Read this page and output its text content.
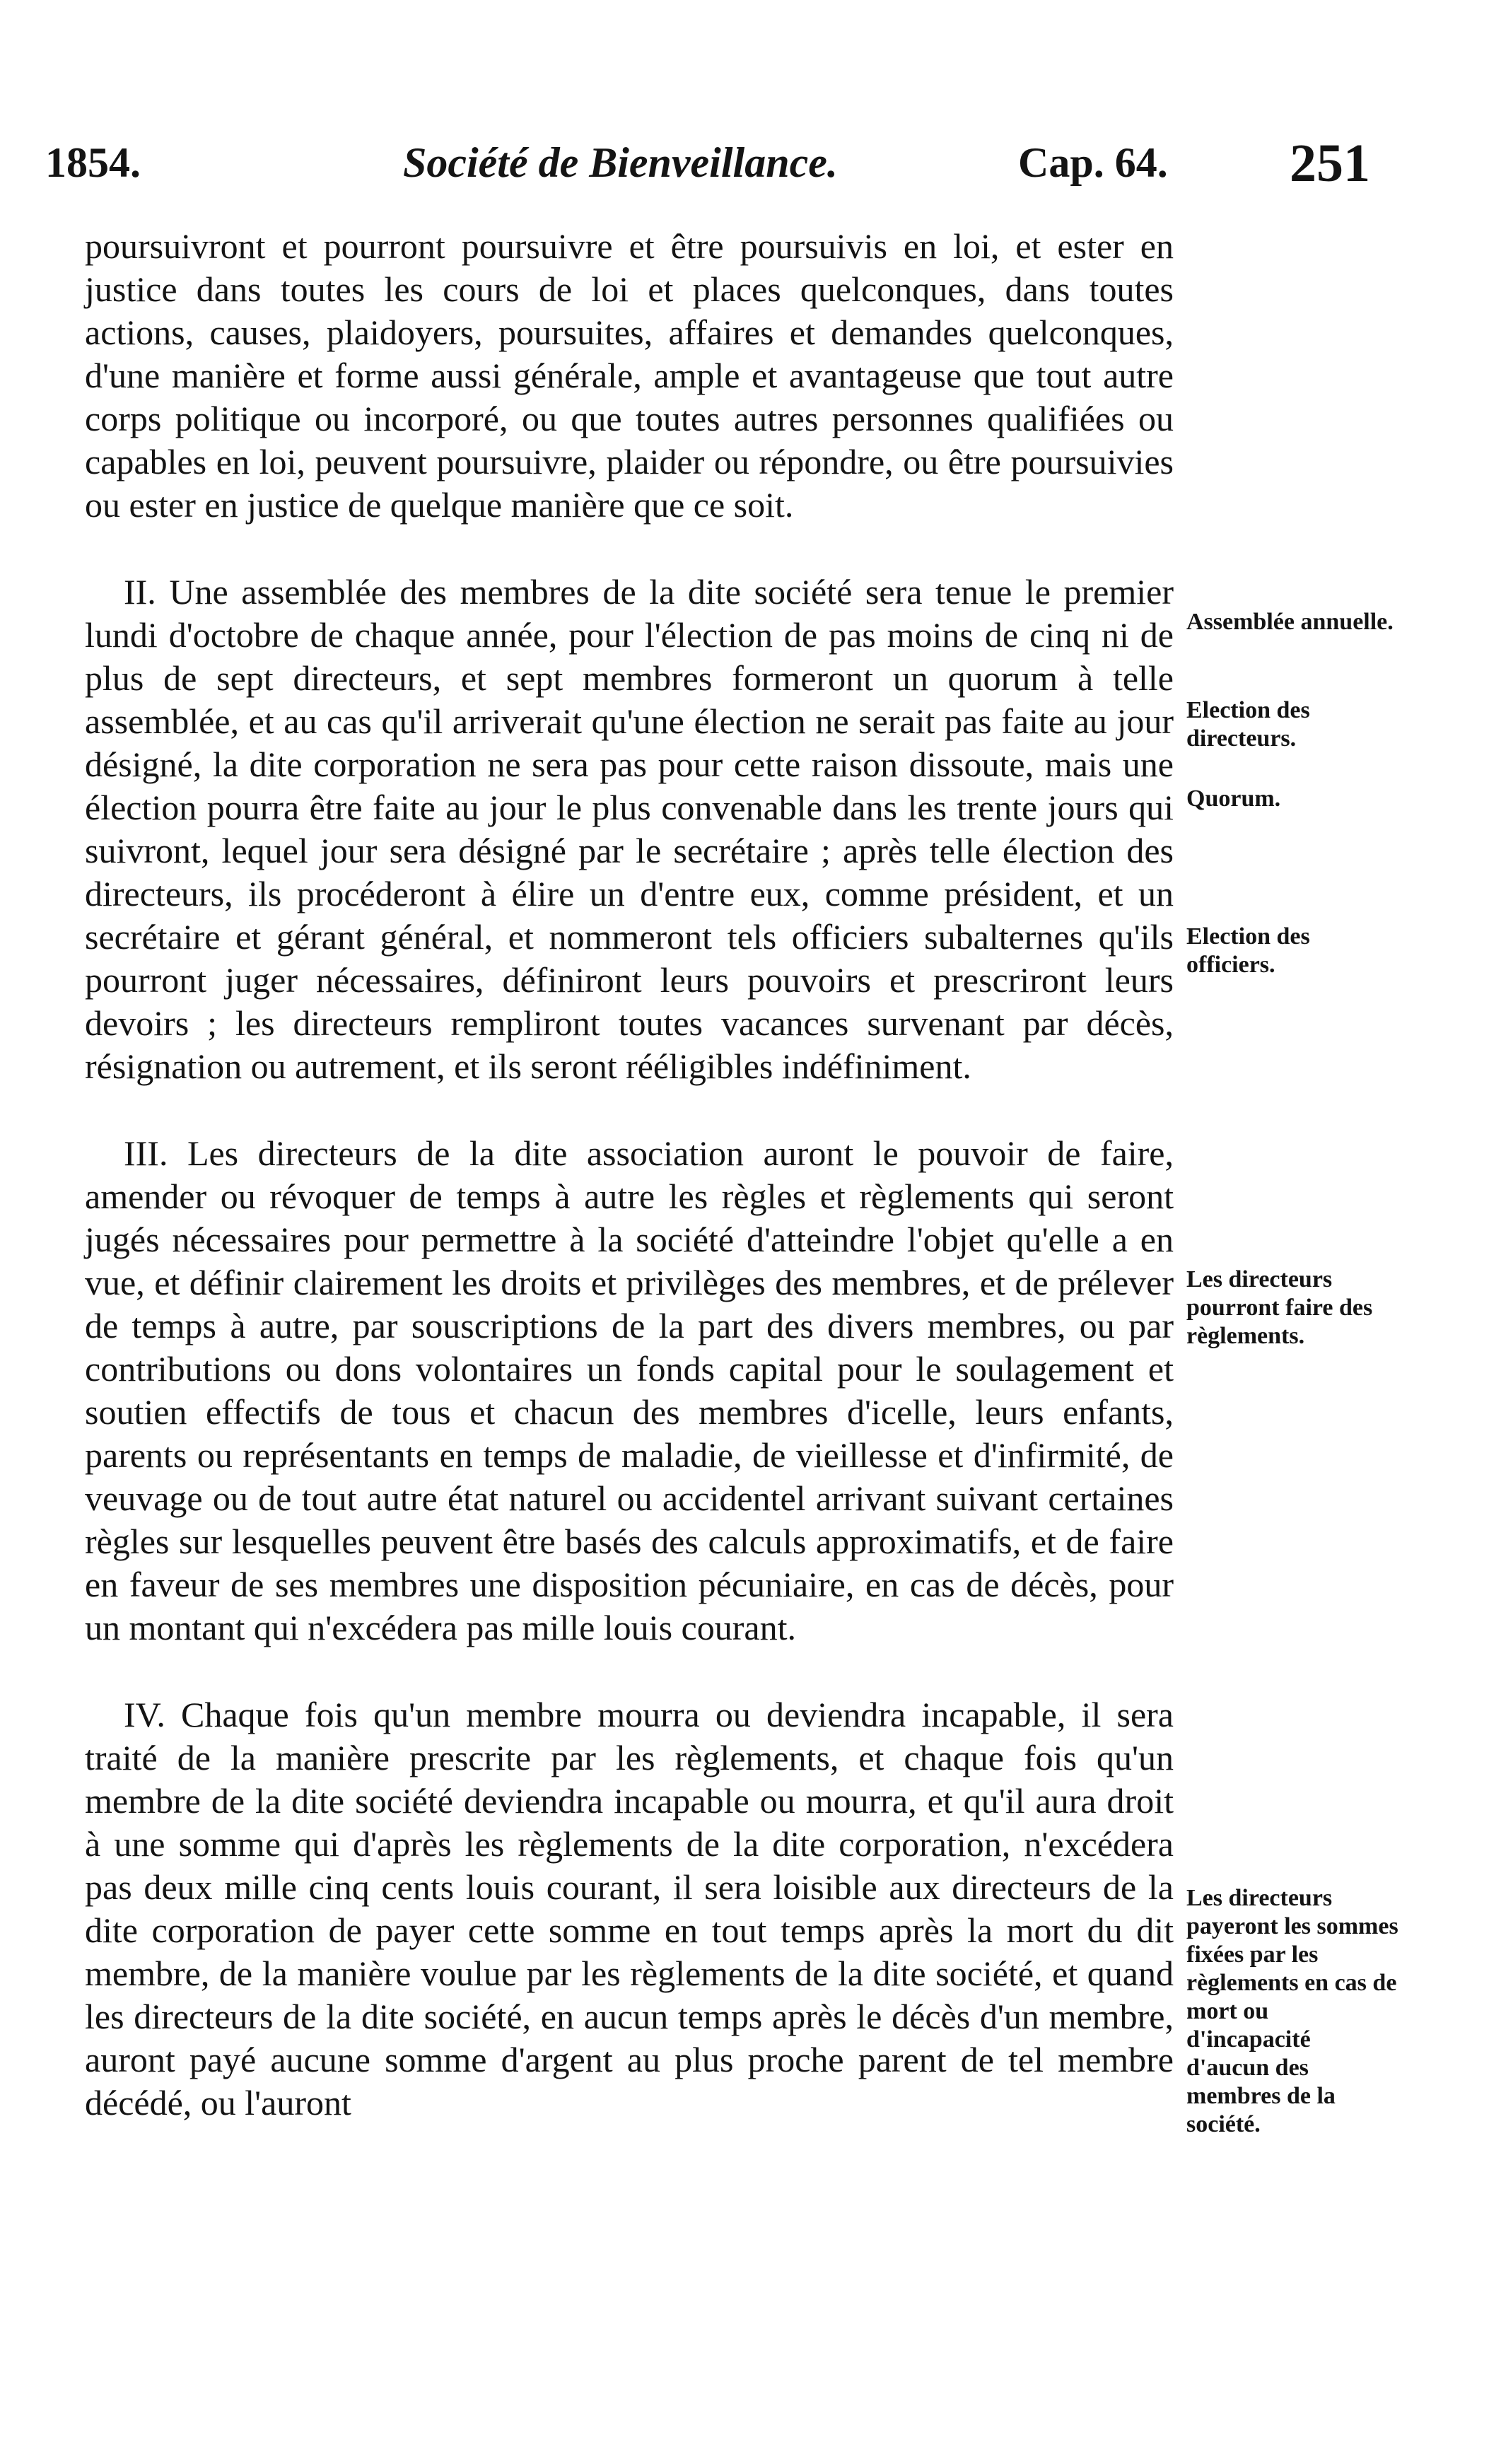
1854.	Société de Bienveillance.	Cap. 64. 251

poursuivront et pourront poursuivre et être poursuivis en loi, et ester en justice dans toutes les cours de loi et places quelconques, dans toutes actions, causes, plaidoyers, poursuites, affaires et demandes quelconques, d'une manière et forme aussi générale, ample et avantageuse que tout autre corps politique ou incorporé, ou que toutes autres personnes qualifiées ou capables en loi, peuvent poursuivre, plaider ou répondre, ou être poursuivies ou ester en justice de quelque manière que ce soit.

II. Une assemblée des membres de la dite société sera tenue le premier lundi d'octobre de chaque année, pour l'élection de pas moins de cinq ni de plus de sept directeurs, et sept membres formeront un quorum à telle assemblée, et au cas qu'il arriverait qu'une élection ne serait pas faite au jour désigné, la dite corporation ne sera pas pour cette raison dissoute, mais une élection pourra être faite au jour le plus convenable dans les trente jours qui suivront, lequel jour sera désigné par le secrétaire ; après telle élection des directeurs, ils procéderont à élire un d'entre eux, comme président, et un secrétaire et gérant général, et nommeront tels officiers subalternes qu'ils pourront juger nécessaires, définiront leurs pouvoirs et prescriront leurs devoirs ; les directeurs rempliront toutes vacances survenant par décès, résignation ou autrement, et ils seront rééligibles indéfiniment.

III. Les directeurs de la dite association auront le pouvoir de faire, amender ou révoquer de temps à autre les règles et règlements qui seront jugés nécessaires pour permettre à la société d'atteindre l'objet qu'elle a en vue, et définir clairement les droits et privilèges des membres, et de prélever de temps à autre, par souscriptions de la part des divers membres, ou par contributions ou dons volontaires un fonds capital pour le soulagement et soutien effectifs de tous et chacun des membres d'icelle, leurs enfants, parents ou représentants en temps de maladie, de vieillesse et d'infirmité, de veuvage ou de tout autre état naturel ou accidentel arrivant suivant certaines règles sur lesquelles peuvent être basés des calculs approximatifs, et de faire en faveur de ses membres une disposition pécuniaire, en cas de décès, pour un montant qui n'excédera pas mille louis courant.

IV. Chaque fois qu'un membre mourra ou deviendra incapable, il sera traité de la manière prescrite par les règlements, et chaque fois qu'un membre de la dite société deviendra incapable ou mourra, et qu'il aura droit à une somme qui d'après les règlements de la dite corporation, n'excédera pas deux mille cinq cents louis courant, il sera loisible aux directeurs de la dite corporation de payer cette somme en tout temps après la mort du dit membre, de la manière voulue par les règlements de la dite société, et quand les directeurs de la dite société, en aucun temps après le décès d'un membre, auront payé aucune somme d'argent au plus proche parent de tel membre décédé, ou l'auront

Assemblée annuelle.
Election des directeurs.
Quorum.
Election des officiers.
Les directeurs pourront faire des règlements.
Les directeurs payeront les sommes fixées par les règlements en cas de mort ou d'incapacité d'aucun des membres de la société.
